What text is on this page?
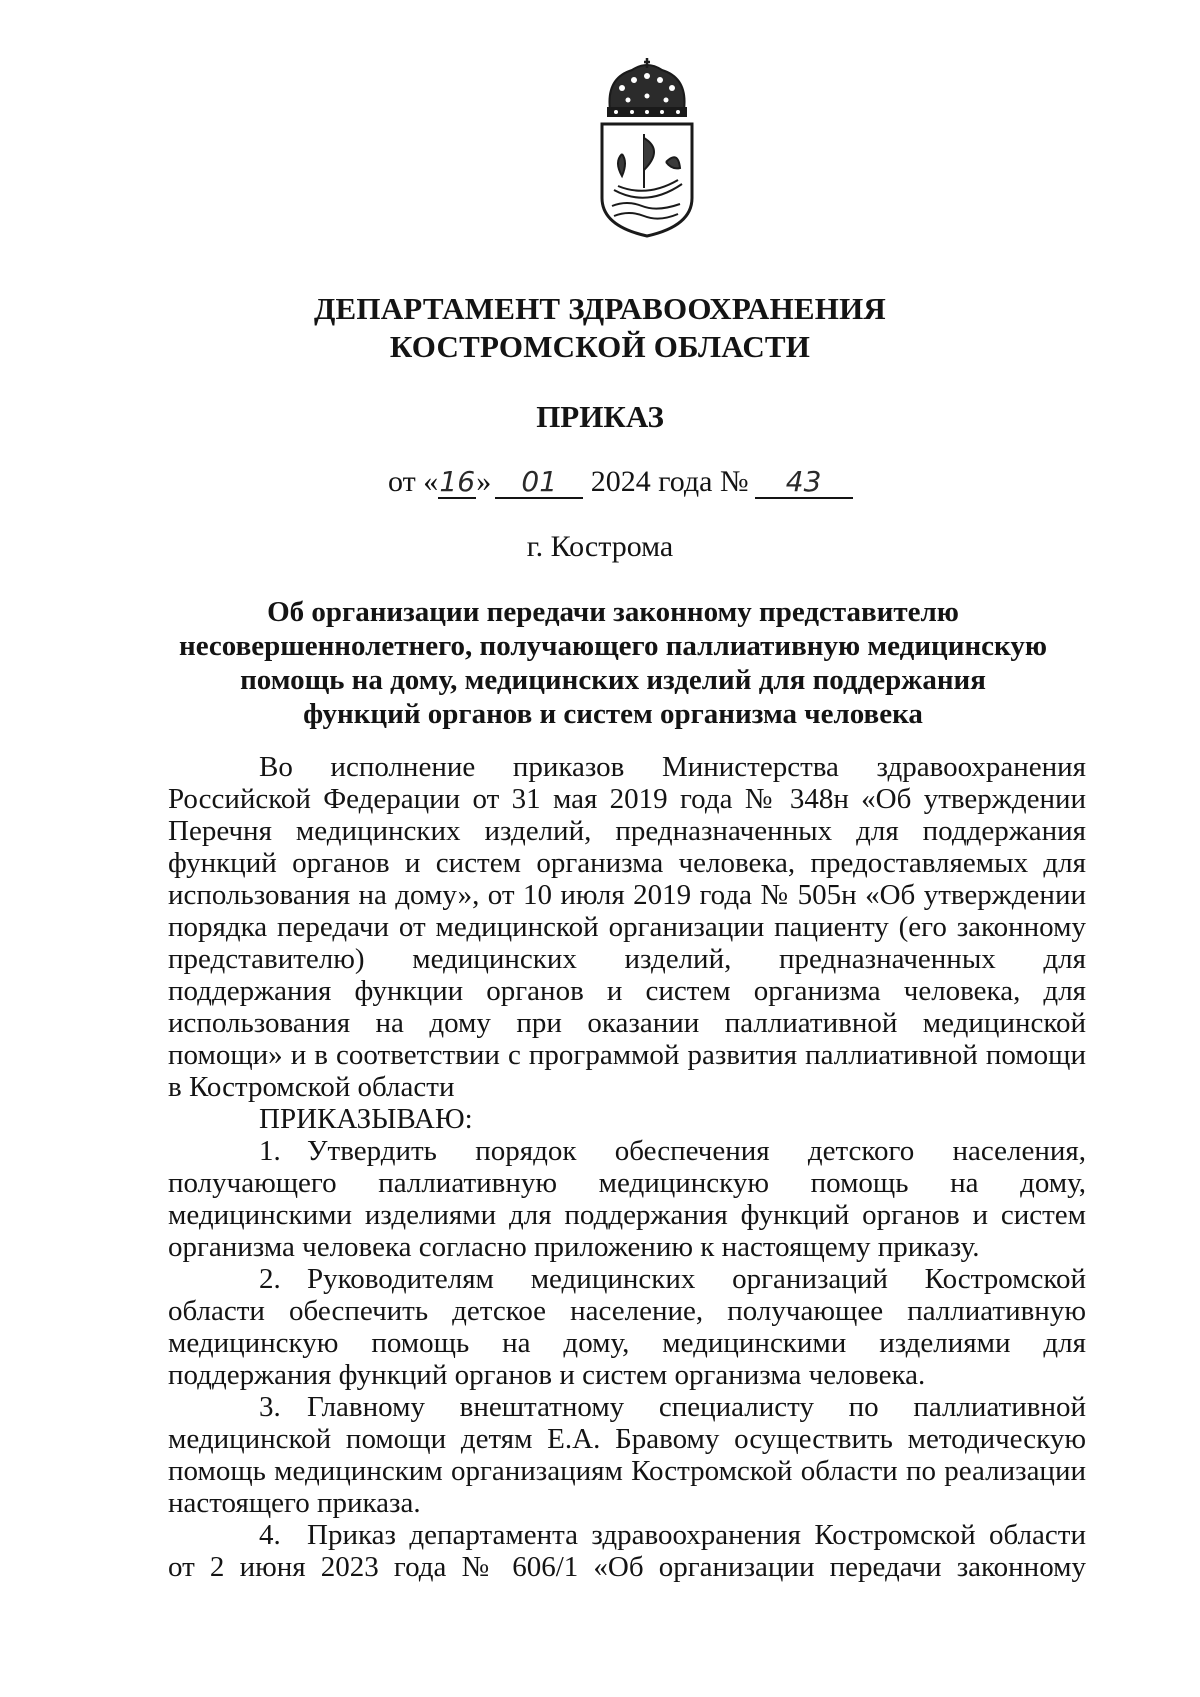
ДЕПАРТАМЕНТ ЗДРАВООХРАНЕНИЯ
КОСТРОМСКОЙ ОБЛАСТИ
ПРИКАЗ
от «16» 01 2024 года № 43
г. Кострома
Об организации передачи законному представителю несовершеннолетнего, получающего паллиативную медицинскую помощь на дому, медицинских изделий для поддержания функций органов и систем организма человека

Во исполнение приказов Министерства здравоохранения Российской Федерации от 31 мая 2019 года № 348н «Об утверждении Перечня медицинских изделий, предназначенных для поддержания функций органов и систем организма человека, предоставляемых для использования на дому», от 10 июля 2019 года № 505н «Об утверждении порядка передачи от медицинской организации пациенту (его законному представителю) медицинских изделий, предназначенных для поддержания функции органов и систем организма человека, для использования на дому при оказании паллиативной медицинской помощи» и в соответствии с программой развития паллиативной помощи в Костромской области

ПРИКАЗЫВАЮ:

1. Утвердить порядок обеспечения детского населения, получающего паллиативную медицинскую помощь на дому, медицинскими изделиями для поддержания функций органов и систем организма человека согласно приложению к настоящему приказу.

2. Руководителям медицинских организаций Костромской области обеспечить детское население, получающее паллиативную медицинскую помощь на дому, медицинскими изделиями для поддержания функций органов и систем организма человека.

3. Главному внештатному специалисту по паллиативной медицинской помощи детям Е.А. Бравому осуществить методическую помощь медицинским организациям Костромской области по реализации настоящего приказа.

4. Приказ департамента здравоохранения Костромской области от 2 июня 2023 года № 606/1 «Об организации передачи законному
